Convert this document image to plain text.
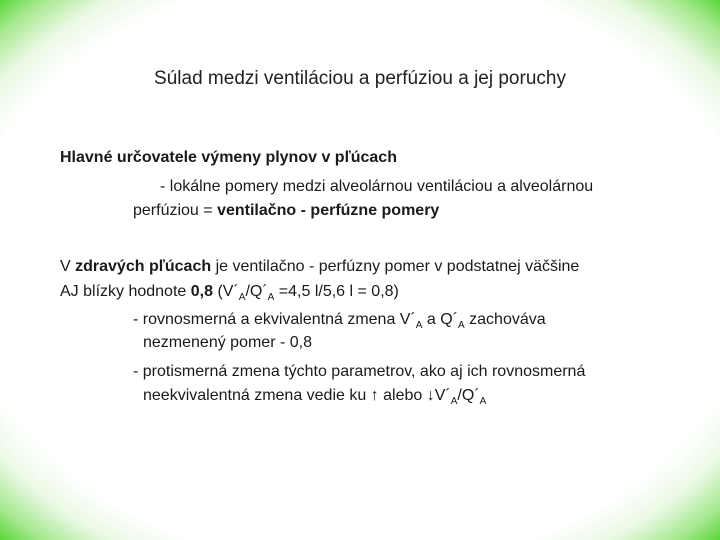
Súlad medzi ventiláciou a perfúziou a jej poruchy
Hlavné určovatele výmeny plynov v pľúcach
- lokálne pomery medzi alveolárnou ventiláciou a alveolárnou
perfúziou = ventilačno - perfúzne pomery
V zdravých pľúcach je ventilačno - perfúzny pomer v podstatnej väčšine
AJ blízky hodnote 0,8 ($V´_A/Q´_A =4,5$ l/5,6 l = 0,8)
- rovnosmerná a ekvivalentná zmena $V´_A$ a $Q´_A$ zachováva
nezmenený pomer - 0,8
- protismerná zmena týchto parametrov, ako aj ich rovnosmerná
neekvivalentná zmena vedie ku ↑ alebo $↓V´_A/Q´_A$
